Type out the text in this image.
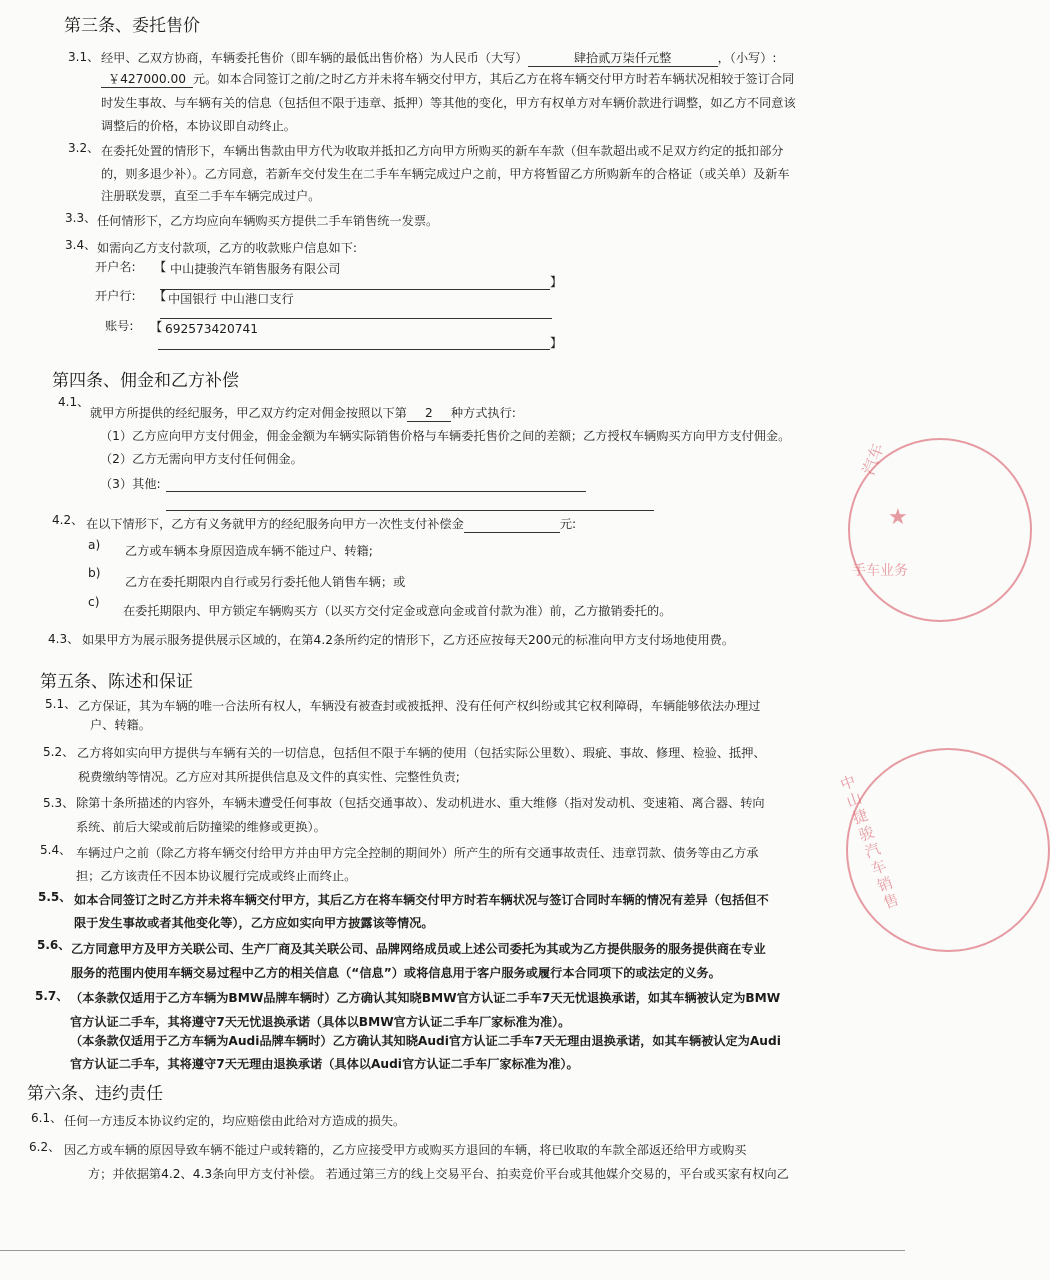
第三条、委托售价
3.1、 经甲、乙双方协商，车辆委托售价（即车辆的最低出售价格）为人民币（大写）	肆拾贰万柒仟元整	，（小写）:
￥427000.00 元。如本合同签订之前/之时乙方并未将车辆交付甲方，其后乙方在将车辆交付甲方时若车辆状况相较于签订合同
时发生事故、与车辆有关的信息（包括但不限于违章、抵押）等其他的变化，甲方有权单方对车辆价款进行调整，如乙方不同意该
调整后的价格，本协议即自动终止。
3.2、 在委托处置的情形下，车辆出售款由甲方代为收取并抵扣乙方向甲方所购买的新车车款（但车款超出或不足双方约定的抵扣部分
的，则多退少补）。乙方同意，若新车交付发生在二手车车辆完成过户之前，甲方将暂留乙方所购新车的合格证（或关单）及新车
注册联发票，直至二手车车辆完成过户。
3.3、 任何情形下，乙方均应向车辆购买方提供二手车销售统一发票。
3.4、 如需向乙方支付款项，乙方的收款账户信息如下:
开户名: 【 中山捷骏汽车销售服务有限公司
】
开户行: 【 中国银行 中山港口支行
账号: 【 692573420741
】
第四条、佣金和乙方补偿
4.1、
就甲方所提供的经纪服务，甲乙双方约定对佣金按照以下第 2 种方式执行:
（1）乙方应向甲方支付佣金，佣金金额为车辆实际销售价格与车辆委托售价之间的差额；乙方授权车辆购买方向甲方支付佣金。
（2）乙方无需向甲方支付任何佣金。
（3）其他:
4.2、 在以下情形下，乙方有义务就甲方的经纪服务向甲方一次性支付补偿金	元:
a) 乙方或车辆本身原因造成车辆不能过户、转籍;
b)
乙方在委托期限内自行或另行委托他人销售车辆；或
c)
在委托期限内、甲方锁定车辆购买方（以买方交付定金或意向金或首付款为准）前，乙方撤销委托的。
4.3、 如果甲方为展示服务提供展示区域的，在第4.2条所约定的情形下，乙方还应按每天200元的标准向甲方支付场地使用费。
第五条、陈述和保证
5.1、 乙方保证，其为车辆的唯一合法所有权人，车辆没有被查封或被抵押、没有任何产权纠纷或其它权利障碍，车辆能够依法办理过
户、转籍。
5.2、 乙方将如实向甲方提供与车辆有关的一切信息，包括但不限于车辆的使用（包括实际公里数）、瑕疵、事故、修理、检验、抵押、
税费缴纳等情况。乙方应对其所提供信息及文件的真实性、完整性负责;
5.3、 除第十条所描述的内容外，车辆未遭受任何事故（包括交通事故）、发动机进水、重大维修（指对发动机、变速箱、离合器、转向
系统、前后大梁或前后防撞梁的维修或更换）。
5.4、 车辆过户之前（除乙方将车辆交付给甲方并由甲方完全控制的期间外）所产生的所有交通事故责任、违章罚款、债务等由乙方承
担；乙方该责任不因本协议履行完成或终止而终止。
5.5、 如本合同签订之时乙方并未将车辆交付甲方，其后乙方在将车辆交付甲方时若车辆状况与签订合同时车辆的情况有差异（包括但不
限于发生事故或者其他变化等），乙方应如实向甲方披露该等情况。
5.6、 乙方同意甲方及甲方关联公司、生产厂商及其关联公司、品牌网络成员或上述公司委托为其或为乙方提供服务的服务提供商在专业
服务的范围内使用车辆交易过程中乙方的相关信息（“信息”）或将信息用于客户服务或履行本合同项下的或法定的义务。
5.7、 （本条款仅适用于乙方车辆为BMW品牌车辆时）乙方确认其知晓BMW官方认证二手车7天无忧退换承诺，如其车辆被认定为BMW
官方认证二手车，其将遵守7天无忧退换承诺（具体以BMW官方认证二手车厂家标准为准）。
（本条款仅适用于乙方车辆为Audi品牌车辆时）乙方确认其知晓Audi官方认证二手车7天无理由退换承诺，如其车辆被认定为Audi
官方认证二手车，其将遵守7天无理由退换承诺（具体以Audi官方认证二手车厂家标准为准）。
第六条、违约责任
6.1、 任何一方违反本协议约定的，均应赔偿由此给对方造成的损失。
6.2、 因乙方或车辆的原因导致车辆不能过户或转籍的，乙方应接受甲方或购买方退回的车辆，将已收取的车款全部返还给甲方或购买
方；并依据第4.2、4.3条向甲方支付补偿。 若通过第三方的线上交易平台、拍卖竞价平台或其他媒介交易的，平台或买家有权向乙
汽车
手车业务
★
中山捷骏汽车销售
